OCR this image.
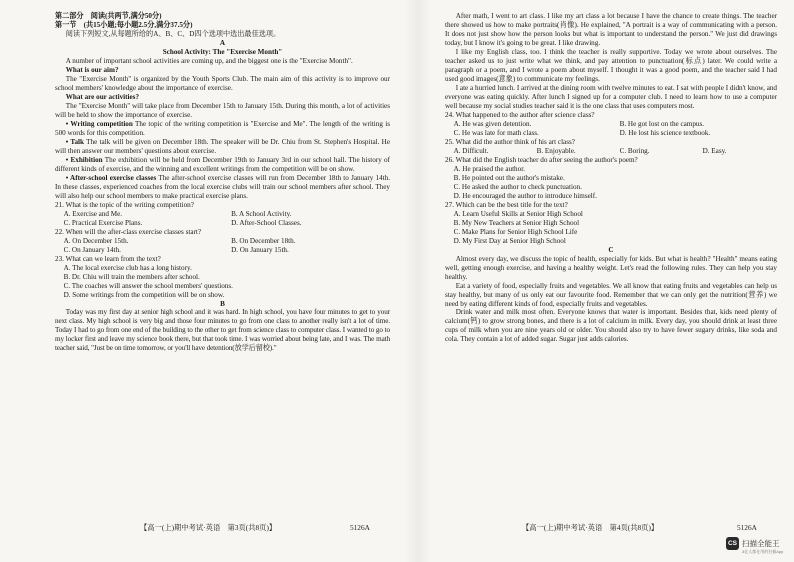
第二部分　阅读(共两节,满分50分)

第一节　(共15小题;每小题2.5分,满分37.5分)

阅读下列短文,从每题所给的A、B、C、D四个选项中选出最佳选项。

A

School Activity: The "Exercise Month"

A number of important school activities are coming up, and the biggest one is the "Exercise Month".

What is our aim?

The "Exercise Month" is organized by the Youth Sports Club. The main aim of this activity is to improve our school members' knowledge about the importance of exercise.

What are our activities?

The "Exercise Month" will take place from December 15th to January 15th. During this month, a lot of activities will be held to show the importance of exercise.

• Writing competition The topic of the writing competition is "Exercise and Me". The length of the writing is 500 words for this competition.

• Talk The talk will be given on December 18th. The speaker will be Dr. Chiu from St. Stephen's Hospital. He will then answer our members' questions about exercise.

• Exhibition The exhibition will be held from December 19th to January 3rd in our school hall. The history of different kinds of exercise, and the winning and excellent writings from the competition will be on show.

• After-school exercise classes The after-school exercise classes will run from December 18th to January 14th. In these classes, experienced coaches from the local exercise clubs will train our school members after school. They will also help our school members to make practical exercise plans.

21. What is the topic of the writing competition?

A. Exercise and Me.	B. A School Activity.
C. Practical Exercise Plans.	D. After-School Classes.

22. When will the after-class exercise classes start?

A. On December 15th.	B. On December 18th.
C. On January 14th.	D. On January 15th.

23. What can we learn from the text?

A. The local exercise club has a long history.

B. Dr. Chiu will train the members after school.

C. The coaches will answer the school members' questions.

D. Some writings from the competition will be on show.

B

Today was my first day at senior high school and it was hard. In high school, you have four minutes to get to your next class. My high school is very big and those four minutes to go from one class to another really isn't a lot of time. Today I had to go from one end of the building to the other to get from science class to computer class. I wanted to go to my locker first and leave my science book there, but that took time. I was worried about being late, and I was. The math teacher said, "Just be on time tomorrow, or you'll have detention(放学后留校)."

After math, I went to art class. I like my art class a lot because I have the chance to create things. The teacher there showed us how to make portraits(肖像). He explained, "A portrait is a way of communicating with a person. It does not just show how the person looks but what is important to understand the person." We just did drawings today, but I know it's going to be great. I like drawing.

I like my English class, too. I think the teacher is really supportive. Today we wrote about ourselves. The teacher asked us to just write what we think, and pay attention to punctuation(标点) later. We could write a paragraph or a poem, and I wrote a poem about myself. I thought it was a good poem, and the teacher said I had used good images(意象) to communicate my feelings.

I ate a hurried lunch. I arrived at the dining room with twelve minutes to eat. I sat with people I didn't know, and everyone was eating quickly. After lunch I signed up for a computer club. I need to learn how to use a computer well because my social studies teacher said it is the one class that uses computers most.

24. What happened to the author after science class?

A. He was given detention.	B. He got lost on the campus.
C. He was late for math class.	D. He lost his science textbook.

25. What did the author think of his art class?

A. Difficult.	B. Enjoyable.	C. Boring.	D. Easy.

26. What did the English teacher do after seeing the author's poem?

A. He praised the author.

B. He pointed out the author's mistake.

C. He asked the author to check punctuation.

D. He encouraged the author to introduce himself.

27. Which can be the best title for the text?

A. Learn Useful Skills at Senior High School

B. My New Teachers at Senior High School

C. Make Plans for Senior High School Life

D. My First Day at Senior High School

C

Almost every day, we discuss the topic of health, especially for kids. But what is health? "Health" means eating well, getting enough exercise, and having a healthy weight. Let's read the following rules. They can help you stay healthy.

Eat a variety of food, especially fruits and vegetables. We all know that eating fruits and vegetables can help us stay healthy, but many of us only eat our favourite food. Remember that we can only get the nutrition(营养) we need by eating different kinds of food, especially fruits and vegetables.

Drink water and milk most often. Everyone knows that water is important. Besides that, kids need plenty of calcium(钙) to grow strong bones, and there is a lot of calcium in milk. Every day, you should drink at least three cups of milk when you are nine years old or older. You should also try to have fewer sugary drinks, like soda and cola. They contain a lot of added sugar. Sugar just adds calories.

【高一(上)期中考试·英语　第3页(共8页)】	5126A	【高一(上)期中考试·英语　第4页(共8页)】	5126A
CS 扫描全能王
3亿人都在用的扫描App
